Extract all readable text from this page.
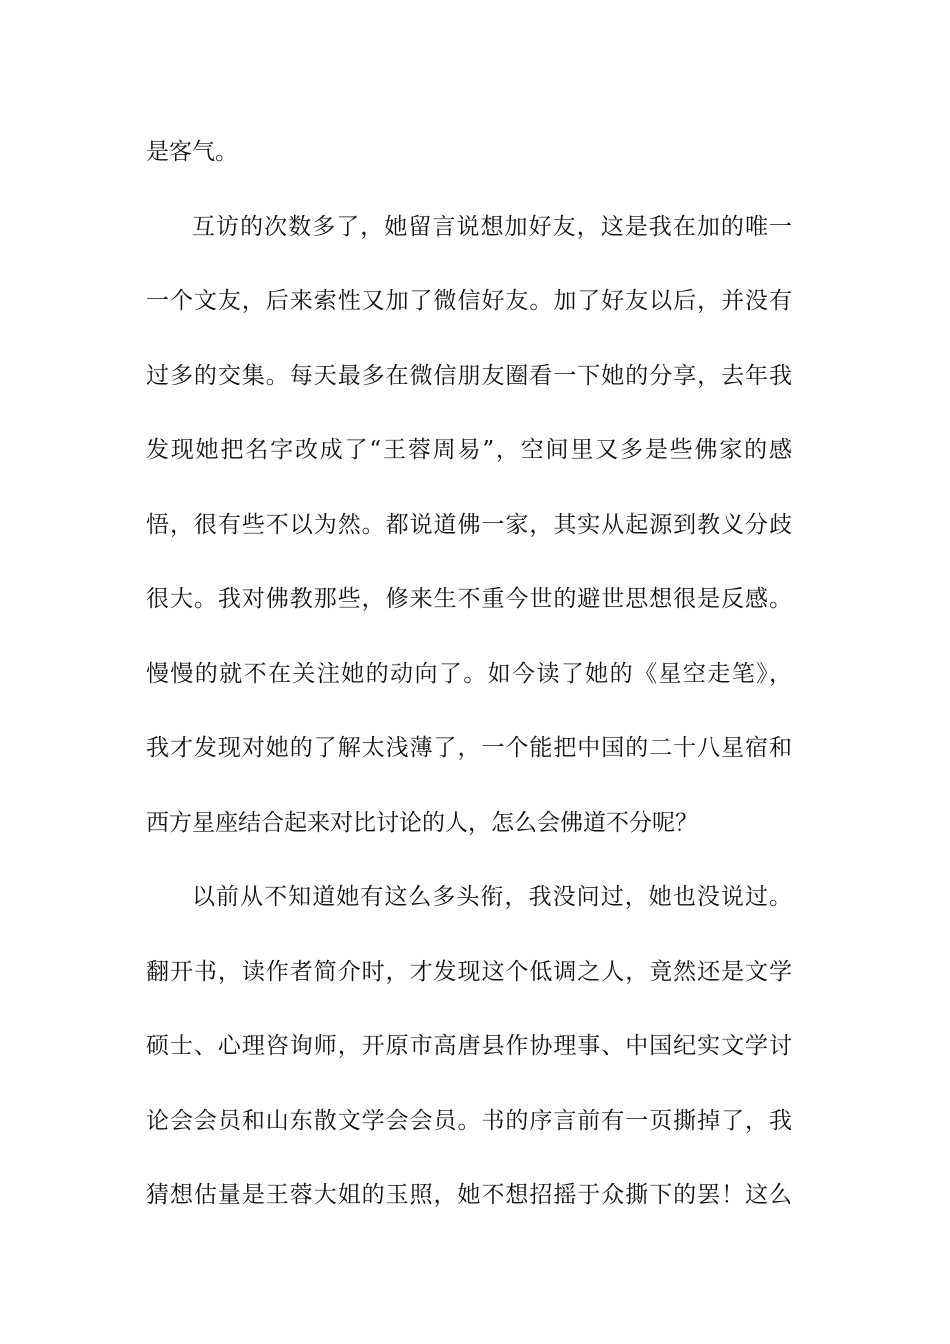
是客气。
互访的次数多了，她留言说想加好友，这是我在加的唯一
一个文友，后来索性又加了微信好友。加了好友以后，并没有
过多的交集。每天最多在微信朋友圈看一下她的分享，去年我
发现她把名字改成了“王蓉周易”，空间里又多是些佛家的感
悟，很有些不以为然。都说道佛一家，其实从起源到教义分歧
很大。我对佛教那些，修来生不重今世的避世思想很是反感。
慢慢的就不在关注她的动向了。如今读了她的《星空走笔》，
我才发现对她的了解太浅薄了，一个能把中国的二十八星宿和
西方星座结合起来对比讨论的人，怎么会佛道不分呢？
以前从不知道她有这么多头衔，我没问过，她也没说过。
翻开书，读作者简介时，才发现这个低调之人，竟然还是文学
硕士、心理咨询师，开原市高唐县作协理事、中国纪实文学讨
论会会员和山东散文学会会员。书的序言前有一页撕掉了，我
猜想估量是王蓉大姐的玉照，她不想招摇于众撕下的罢！这么
